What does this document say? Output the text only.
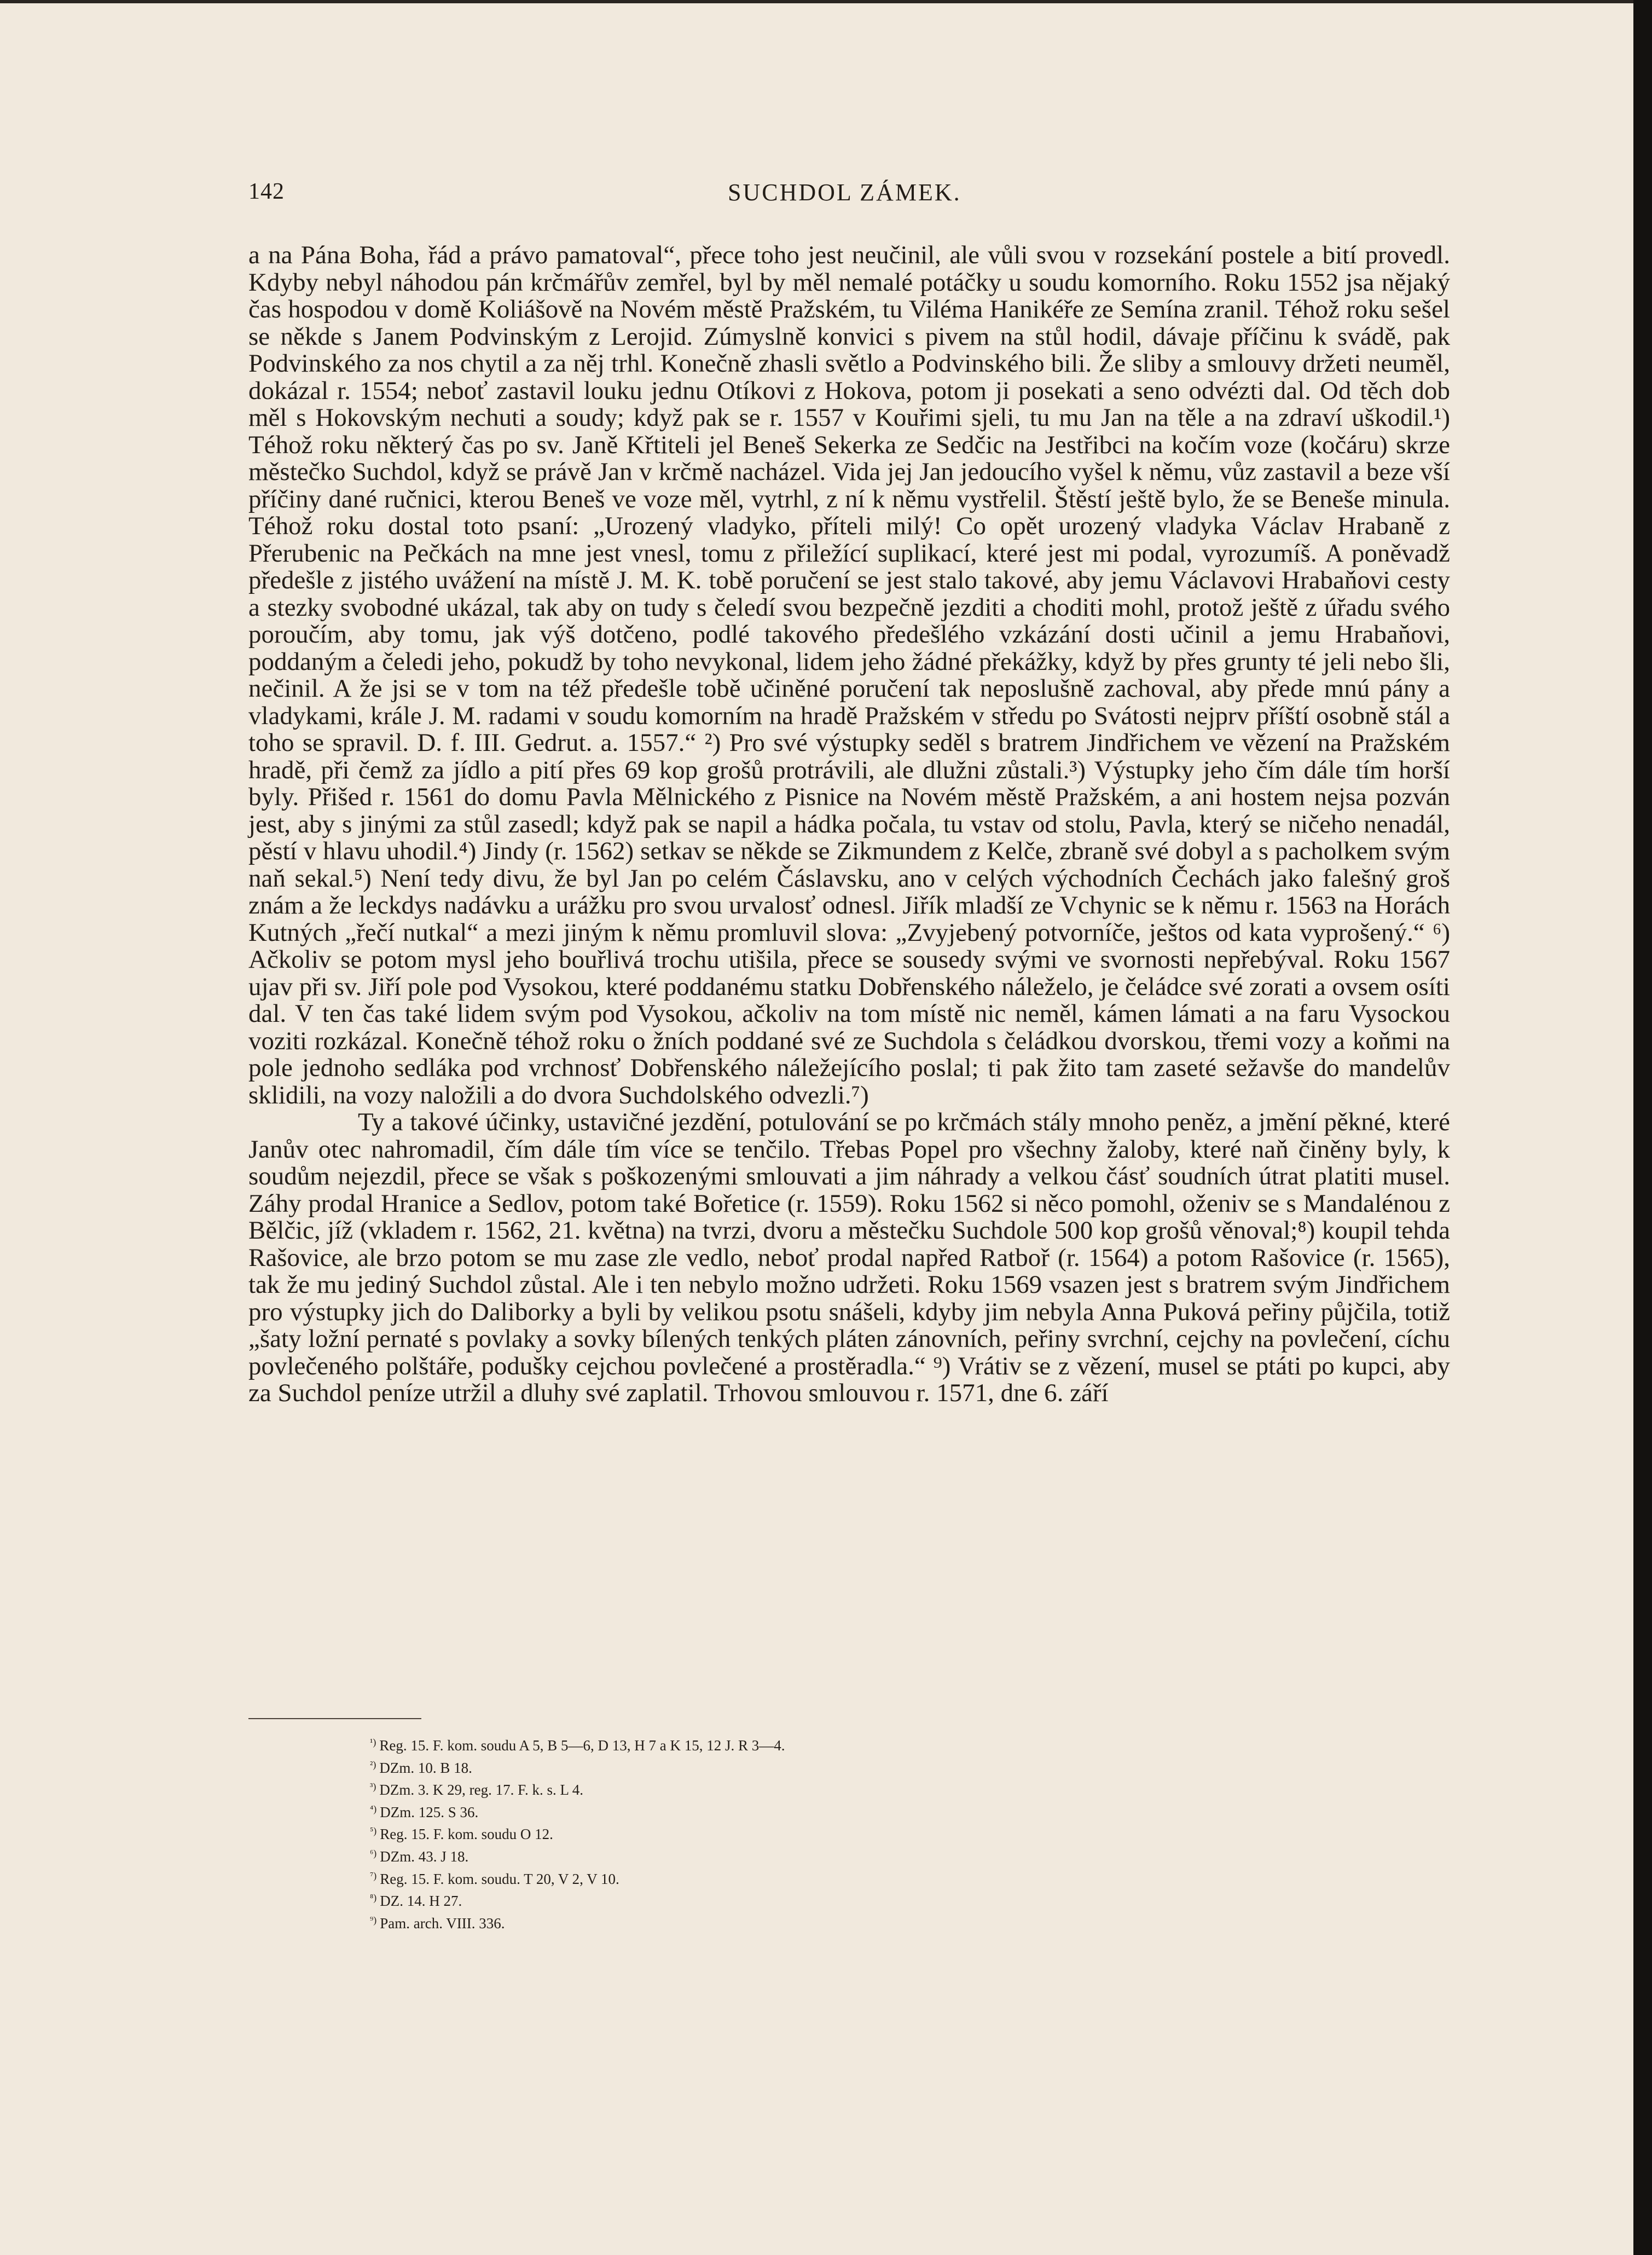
142	SUCHDOL ZÁMEK.

a na Pána Boha, řád a právo pamatoval“, přece toho jest neučinil, ale vůli svou v rozsekání postele a bití provedl. Kdyby nebyl náhodou pán krčmářův zemřel, byl by měl nemalé potáčky u soudu komorního. Roku 1552 jsa nějaký čas hospodou v domě Koliášově na Novém městě Pražském, tu Viléma Hanikéře ze Semína zranil. Téhož roku sešel se někde s Janem Podvinským z Lerojid. Zúmyslně konvici s pivem na stůl hodil, dávaje příčinu k svádě, pak Podvinského za nos chytil a za něj trhl. Konečně zhasli světlo a Podvinského bili. Že sliby a smlouvy držeti neuměl, dokázal r. 1554; neboť zastavil louku jednu Otíkovi z Hokova, potom ji posekati a seno odvézti dal. Od těch dob měl s Hokovským nechuti a soudy; když pak se r. 1557 v Kouřimi sjeli, tu mu Jan na těle a na zdraví uškodil.¹) Téhož roku některý čas po sv. Janě Křtiteli jel Beneš Sekerka ze Sedčic na Jestřibci na kočím voze (kočáru) skrze městečko Suchdol, když se právě Jan v krčmě nacházel. Vida jej Jan jedoucího vyšel k němu, vůz zastavil a beze vší příčiny dané ručnici, kterou Beneš ve voze měl, vytrhl, z ní k němu vystřelil. Štěstí ještě bylo, že se Beneše minula. Téhož roku dostal toto psaní: „Urozený vladyko, příteli milý! Co opět urozený vladyka Václav Hrabaně z Přerubenic na Pečkách na mne jest vnesl, tomu z přiležící suplikací, které jest mi podal, vyrozumíš. A poněvadž předešle z jistého uvážení na místě J. M. K. tobě poručení se jest stalo takové, aby jemu Václavovi Hrabaňovi cesty a stezky svobodné ukázal, tak aby on tudy s čeledí svou bezpečně jezditi a choditi mohl, protož ještě z úřadu svého poroučím, aby tomu, jak výš dotčeno, podlé takového předešlého vzkázání dosti učinil a jemu Hrabaňovi, poddaným a čeledi jeho, pokudž by toho nevykonal, lidem jeho žádné překážky, když by přes grunty té jeli nebo šli, nečinil. A že jsi se v tom na též předešle tobě učiněné poručení tak neposlušně zachoval, aby přede mnú pány a vladykami, krále J. M. radami v soudu komorním na hradě Pražském v středu po Svátosti nejprv příští osobně stál a toho se spravil. D. f. III. Gedrut. a. 1557.“ ²) Pro své výstupky seděl s bratrem Jindřichem ve vězení na Pražském hradě, při čemž za jídlo a pití přes 69 kop grošů protrávili, ale dlužni zůstali.³) Výstupky jeho čím dále tím horší byly. Přišed r. 1561 do domu Pavla Mělnického z Pisnice na Novém městě Pražském, a ani hostem nejsa pozván jest, aby s jinými za stůl zasedl; když pak se napil a hádka počala, tu vstav od stolu, Pavla, který se ničeho nenadál, pěstí v hlavu uhodil.⁴) Jindy (r. 1562) setkav se někde se Zikmundem z Kelče, zbraně své dobyl a s pacholkem svým naň sekal.⁵) Není tedy divu, že byl Jan po celém Čáslavsku, ano v celých východních Čechách jako falešný groš znám a že leckdys nadávku a urážku pro svou urvalosť odnesl. Jiřík mladší ze Vchynic se k němu r. 1563 na Horách Kutných „řečí nutkal“ a mezi jiným k němu promluvil slova: „Zvyjebený potvorníče, ještos od kata vyprošený.“ ⁶) Ačkoliv se potom mysl jeho bouřlivá trochu utišila, přece se sousedy svými ve svornosti nepřebýval. Roku 1567 ujav při sv. Jiří pole pod Vysokou, které poddanému statku Dobřenského náleželo, je čeládce své zorati a ovsem osíti dal. V ten čas také lidem svým pod Vysokou, ačkoliv na tom místě nic neměl, kámen lámati a na faru Vysockou voziti rozkázal. Konečně téhož roku o žních poddané své ze Suchdola s čeládkou dvorskou, třemi vozy a koňmi na pole jednoho sedláka pod vrchnosť Dobřenského náležejícího poslal; ti pak žito tam zaseté sežavše do mandelův sklidili, na vozy naložili a do dvora Suchdolského odvezli.⁷)

Ty a takové účinky, ustavičné jezdění, potulování se po krčmách stály mnoho peněz, a jmění pěkné, které Janův otec nahromadil, čím dále tím více se tenčilo. Třebas Popel pro všechny žaloby, které naň činěny byly, k soudům nejezdil, přece se však s poškozenými smlouvati a jim náhrady a velkou čásť soudních útrat platiti musel. Záhy prodal Hranice a Sedlov, potom také Bořetice (r. 1559). Roku 1562 si něco pomohl, oženiv se s Mandalénou z Bělčic, jíž (vkladem r. 1562, 21. května) na tvrzi, dvoru a městečku Suchdole 500 kop grošů věnoval;⁸) koupil tehda Rašovice, ale brzo potom se mu zase zle vedlo, neboť prodal napřed Ratboř (r. 1564) a potom Rašovice (r. 1565), tak že mu jediný Suchdol zůstal. Ale i ten nebylo možno udržeti. Roku 1569 vsazen jest s bratrem svým Jindřichem pro výstupky jich do Daliborky a byli by velikou psotu snášeli, kdyby jim nebyla Anna Puková peřiny půjčila, totiž „šaty ložní pernaté s povlaky a sovky bílených tenkých pláten zánovních, peřiny svrchní, cejchy na povlečení, cíchu povlečeného polštáře, podušky cejchou povlečené a prostěradla.“ ⁹) Vrátiv se z vězení, musel se ptáti po kupci, aby za Suchdol peníze utržil a dluhy své zaplatil. Trhovou smlouvou r. 1571, dne 6. září

$^{^1)}$ Reg. 15. F. kom. soudu A 5, B 5—6, D 13, H 7 a K 15, 12 J. R 3—4.
$^{^2)}$ DZm. 10. B 18.
$^{^3)}$ DZm. 3. K 29, reg. 17. F. k. s. L 4.
$^{^4)}$ DZm. 125. S 36.
$^{^5)}$ Reg. 15. F. kom. soudu O 12.
$^{^6)}$ DZm. 43. J 18.
$^{^7)}$ Reg. 15. F. kom. soudu. T 20, V 2, V 10.
$^{^8)}$ DZ. 14. H 27.
$^{^9)}$ Pam. arch. VIII. 336.
